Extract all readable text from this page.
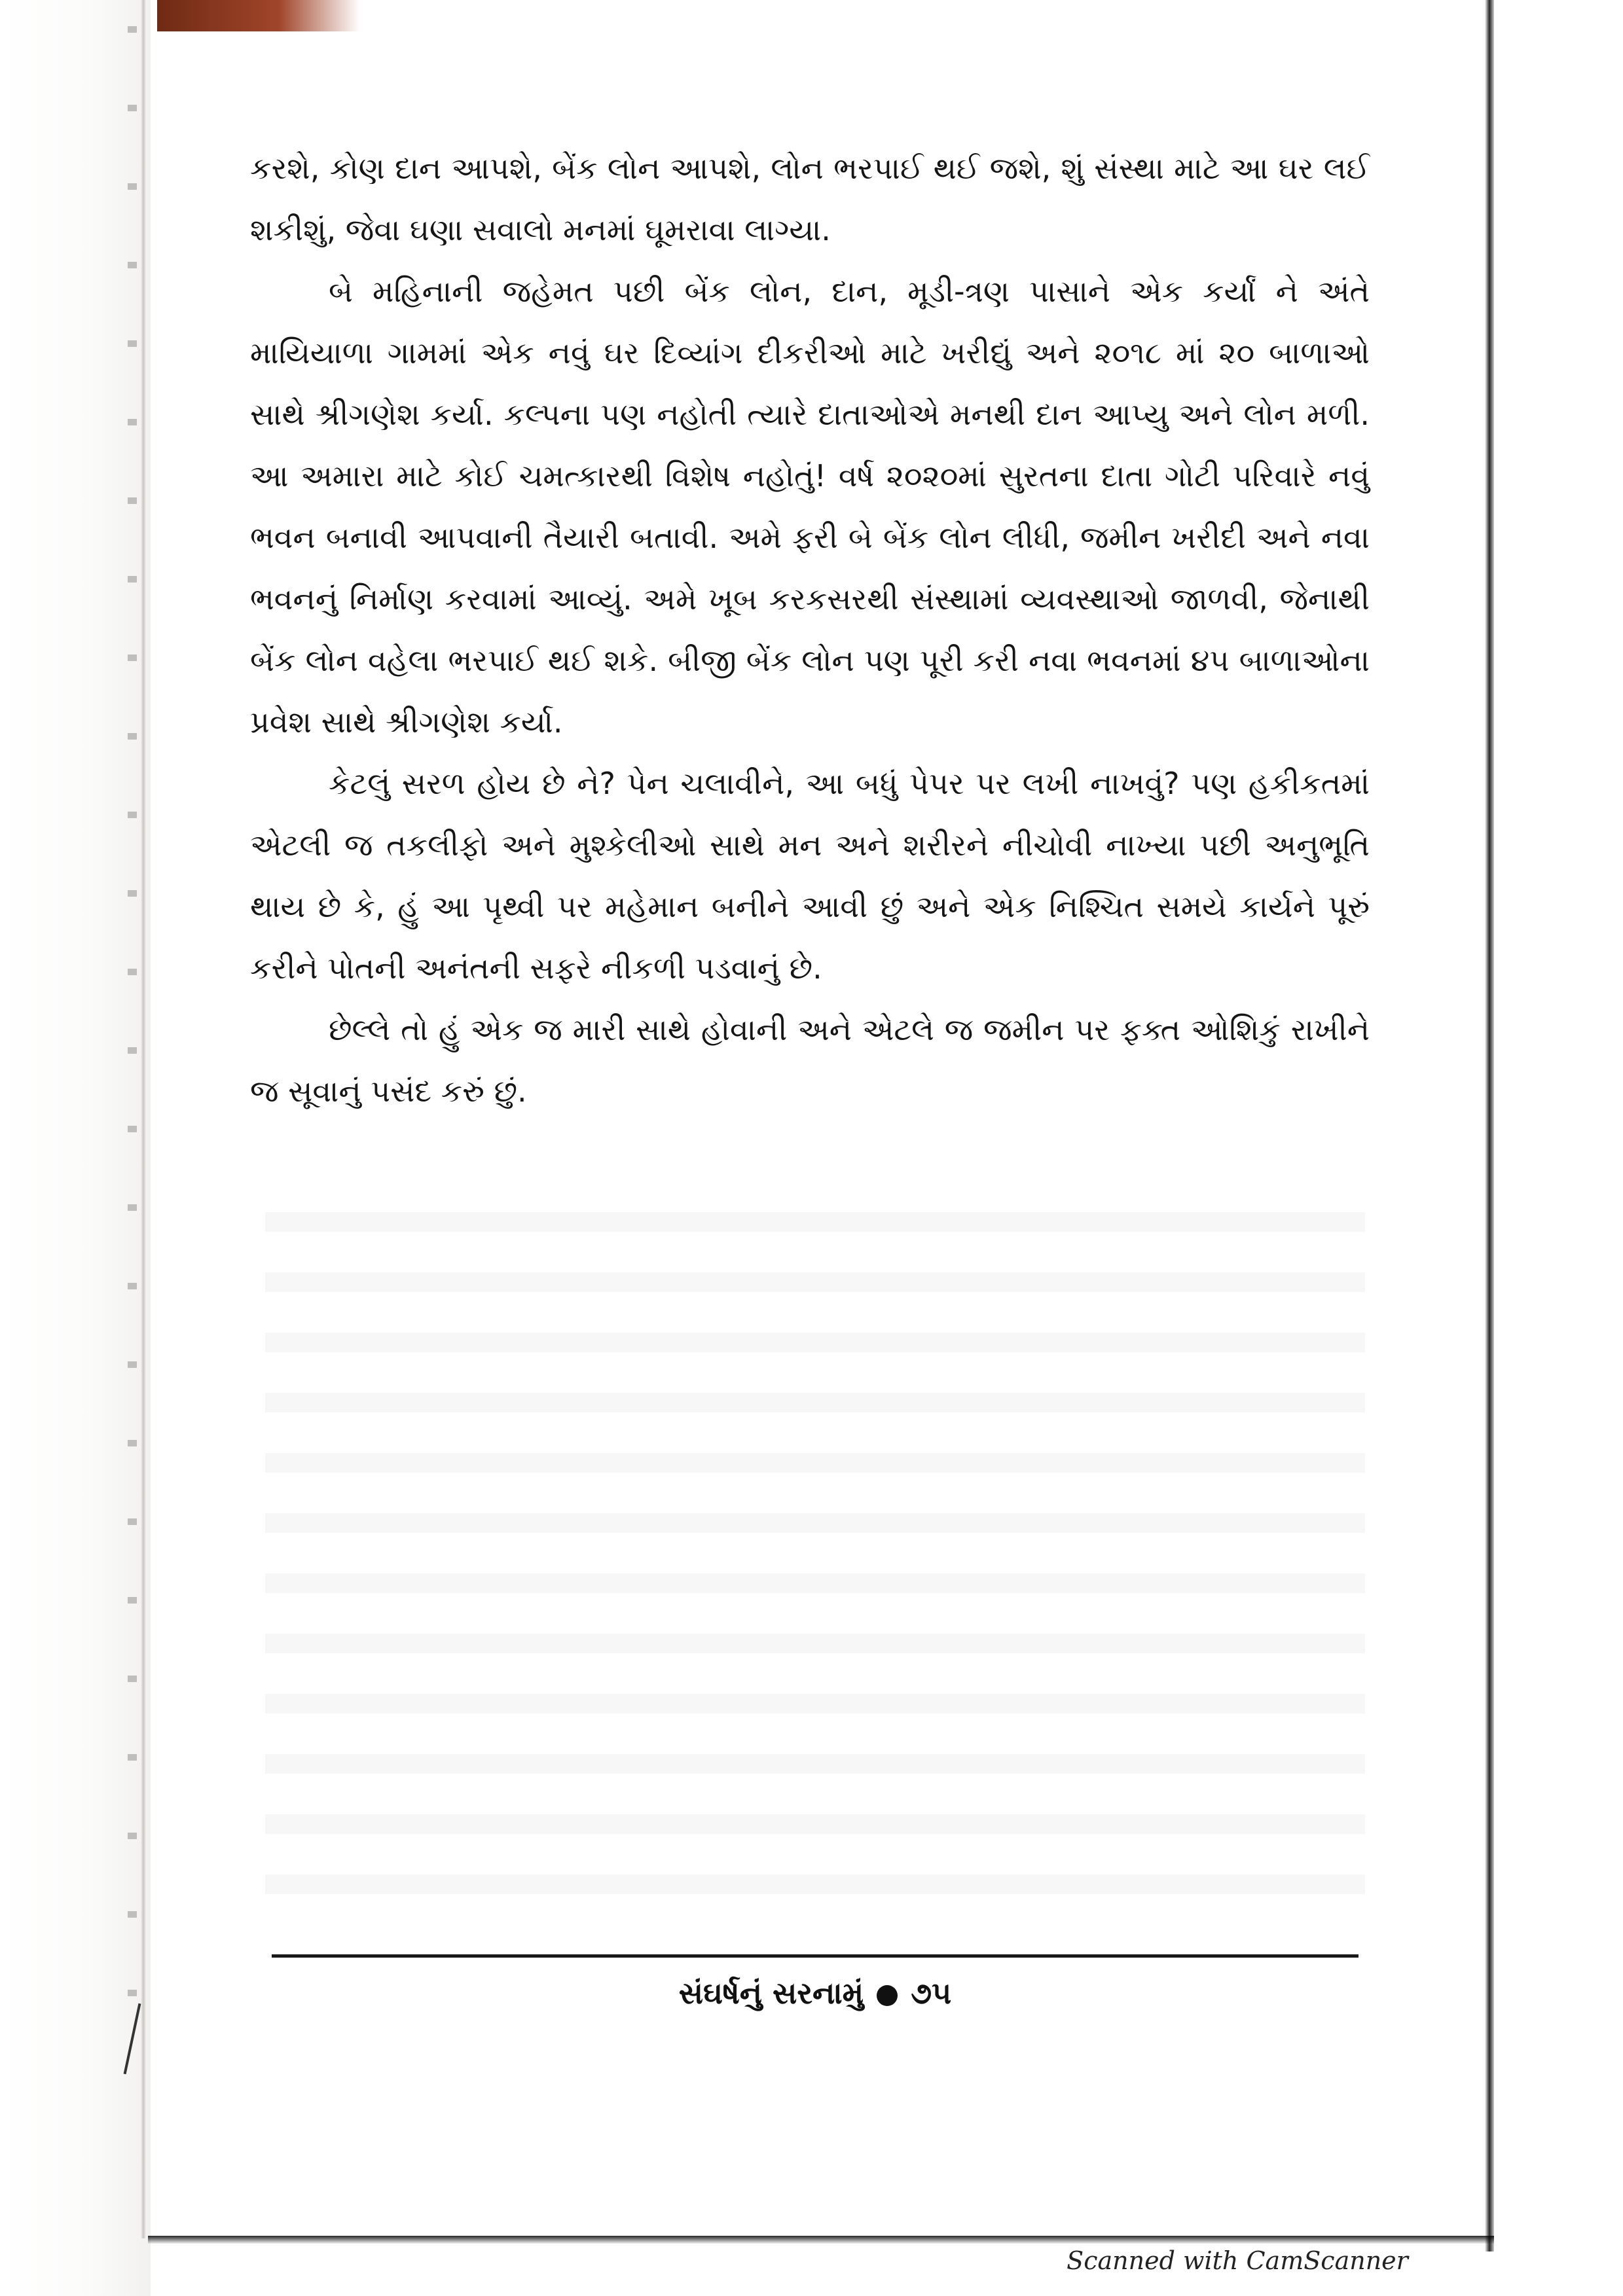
કરશે, કોણ દાન આપશે, બેંક લોન આપશે, લોન ભરપાઈ થઈ જશે, શું સંસ્થા માટે આ ઘર લઈ શકીશું, જેવા ઘણા સવાલો મનમાં ઘૂમરાવા લાગ્યા.

બે મહિનાની જહેમત પછી બેંક લોન, દાન, મૂડી-ત્રણ પાસાને એક કર્યાં ને અંતે માયિયાળા ગામમાં એક નવું ઘર દિવ્યાંગ દીકરીઓ માટે ખરીદ્યું અને ૨૦૧૮ માં ૨૦ બાળાઓ સાથે શ્રીગણેશ કર્યા. કલ્પના પણ નહોતી ત્યારે દાતાઓએ મનથી દાન આપ્યુ અને લોન મળી. આ અમારા માટે કોઈ ચમત્કારથી વિશેષ નહોતું! વર્ષ ૨૦૨૦માં સુરતના દાતા ગોટી પરિવારે નવું ભવન બનાવી આપવાની તૈયારી બતાવી. અમે ફરી બે બેંક લોન લીધી, જમીન ખરીદી અને નવા ભવનનું નિર્માણ કરવામાં આવ્યું. અમે ખૂબ કરકસરથી સંસ્થામાં વ્યવસ્થાઓ જાળવી, જેનાથી બેંક લોન વહેલા ભરપાઈ થઈ શકે. બીજી બેંક લોન પણ પૂરી કરી નવા ભવનમાં ૪૫ બાળાઓના પ્રવેશ સાથે શ્રીગણેશ કર્યા.

કેટલું સરળ હોય છે ને? પેન ચલાવીને, આ બધું પેપર પર લખી નાખવું? પણ હકીકતમાં એટલી જ તકલીફો અને મુશ્કેલીઓ સાથે મન અને શરીરને નીચોવી નાખ્યા પછી અનુભૂતિ થાય છે કે, હું આ પૃથ્વી પર મહેમાન બનીને આવી છું અને એક નિશ્ચિત સમયે કાર્યને પૂરું કરીને પોતની અનંતની સફરે નીકળી પડવાનું છે.

છેલ્લે તો હું એક જ મારી સાથે હોવાની અને એટલે જ જમીન પર ફક્ત ઓશિકું રાખીને જ સૂવાનું પસંદ કરું છું.

સંઘર્ષનું સરનામું ૭૫
Scanned with CamScanner
